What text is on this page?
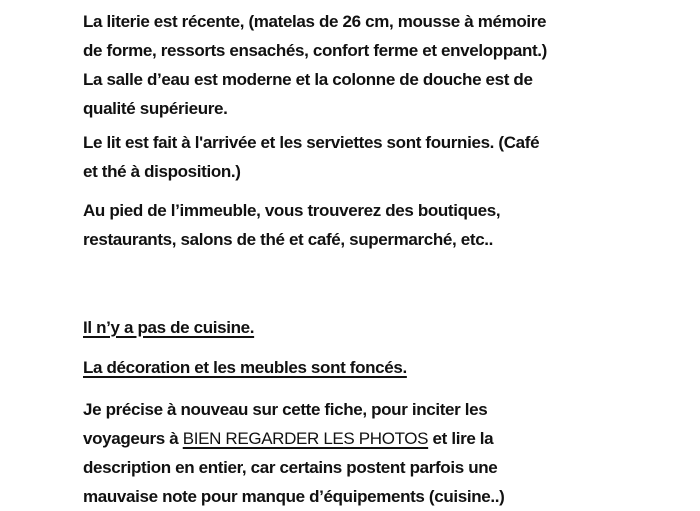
La literie est récente, (matelas de 26 cm, mousse à mémoire
de forme, ressorts ensachés, confort ferme et enveloppant.)
La salle d’eau est moderne et la colonne de douche est de
qualité supérieure.

Le lit est fait à l'arrivée et les serviettes sont fournies. (Café
et thé à disposition.)

Au pied de l’immeuble, vous trouverez des boutiques,
restaurants, salons de thé et café, supermarché, etc..

Il n’y a pas de cuisine.

La décoration et les meubles sont foncés.

Je précise à nouveau sur cette fiche, pour inciter les
voyageurs à BIEN REGARDER LES PHOTOS et lire la
description en entier, car certains postent parfois une
mauvaise note pour manque d’équipements (cuisine..)
